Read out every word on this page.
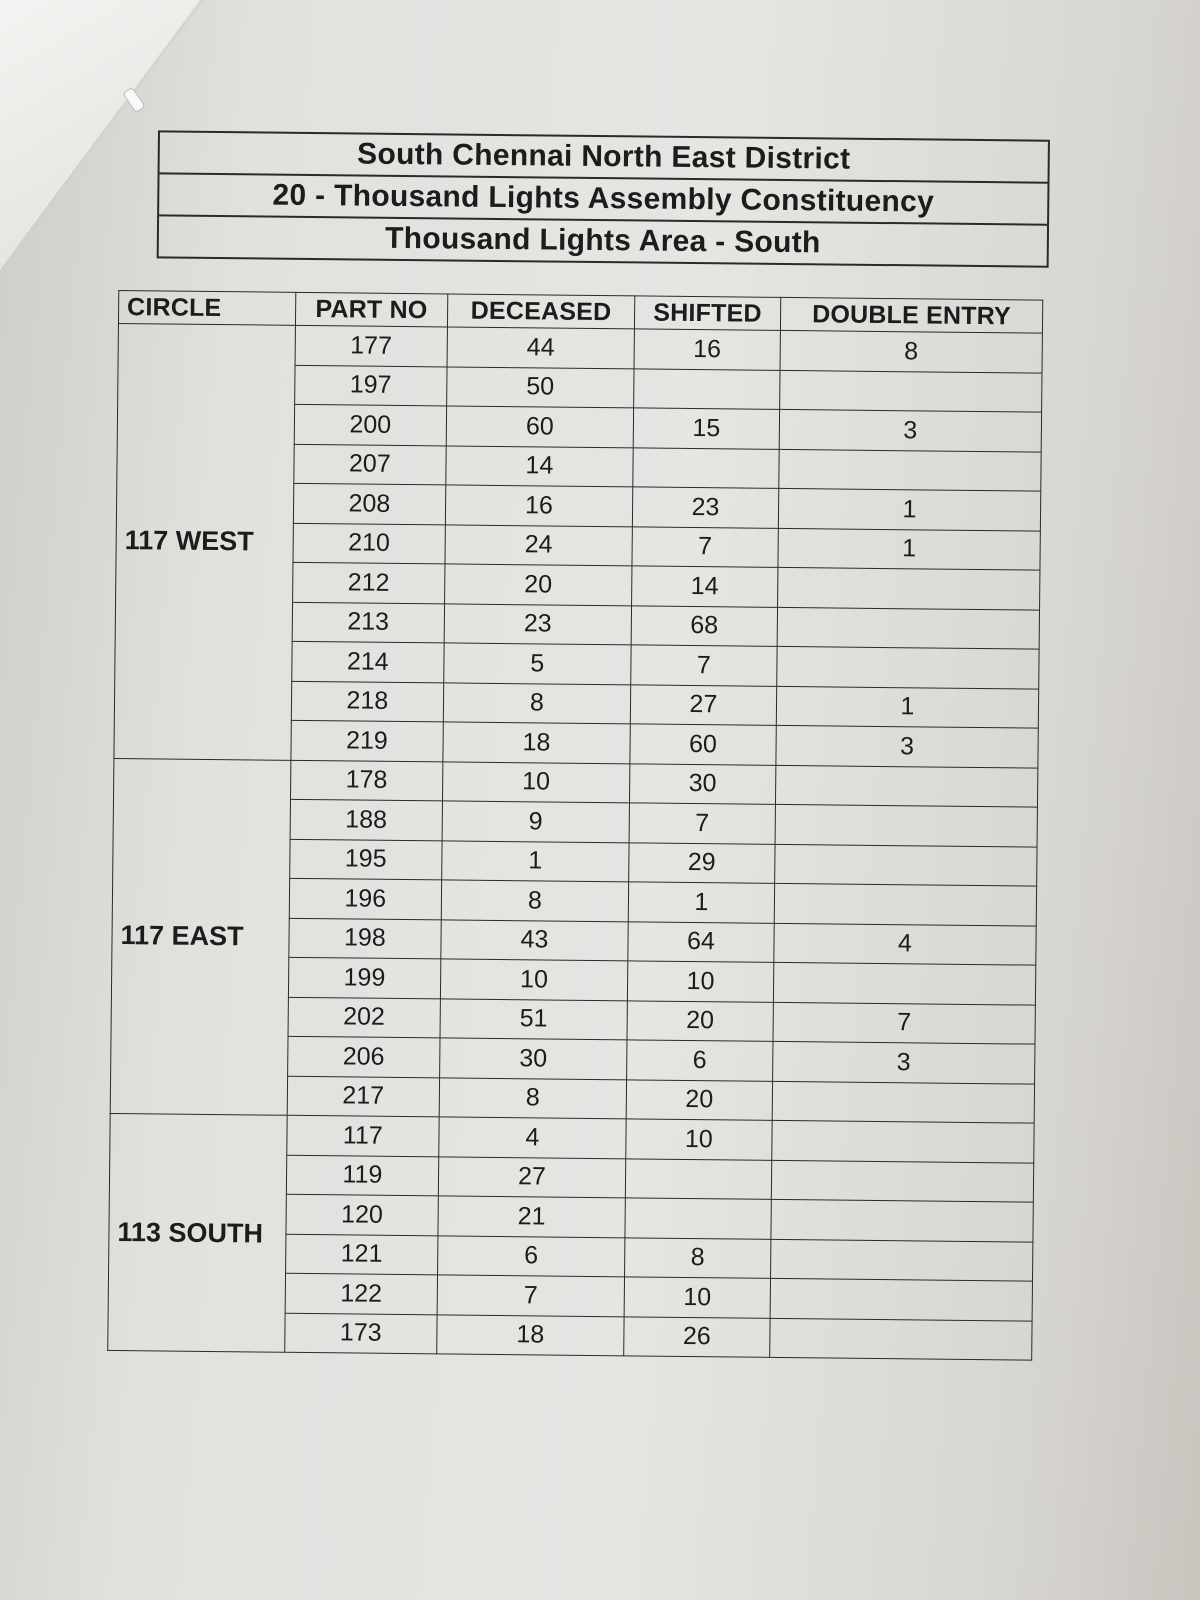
South Chennai North East District
20 - Thousand Lights Assembly Constituency
Thousand Lights Area - South
CIRCLE	PART NO	DECEASED	SHIFTED	DOUBLE ENTRY
117 WEST	177	44	16	8
	197	50		
	200	60	15	3
	207	14		
	208	16	23	1
	210	24	7	1
	212	20	14	
	213	23	68	
	214	5	7	
	218	8	27	1
	219	18	60	3
117 EAST	178	10	30	
	188	9	7	
	195	1	29	
	196	8	1	
	198	43	64	4
	199	10	10	
	202	51	20	7
	206	30	6	3
	217	8	20	
113 SOUTH	117	4	10	
	119	27		
	120	21		
	121	6	8	
	122	7	10	
	173	18	26	
